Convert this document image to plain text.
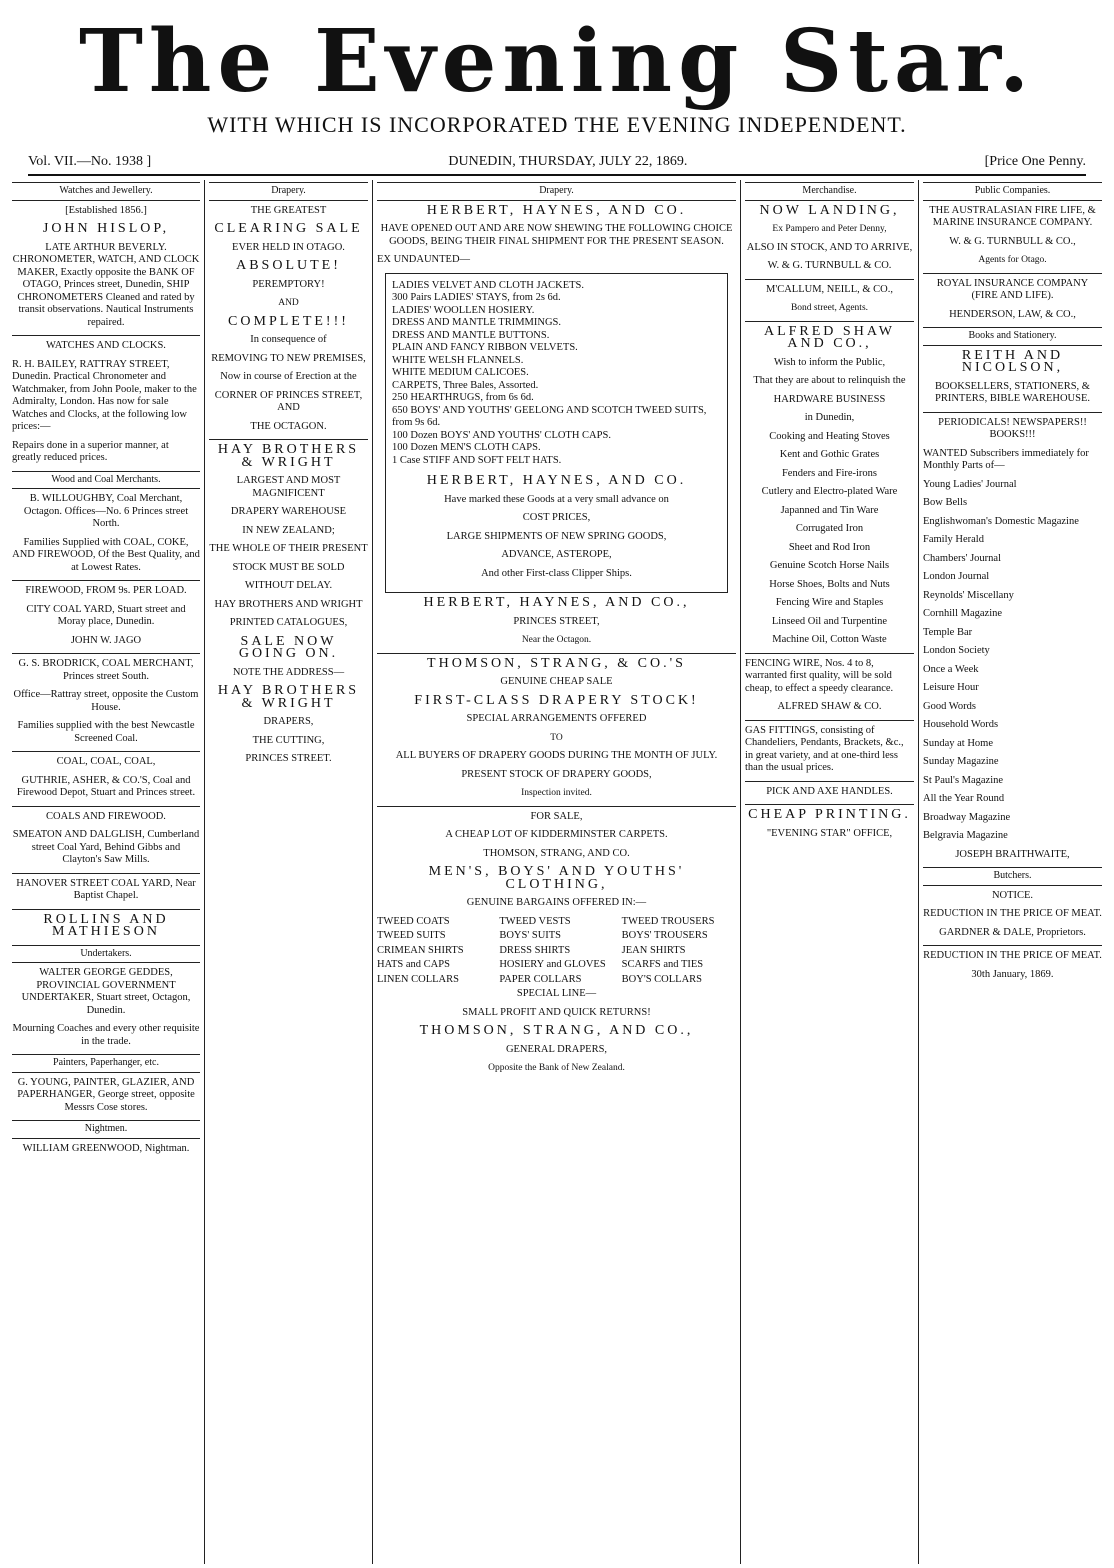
The Evening Star.
WITH WHICH IS INCORPORATED THE EVENING INDEPENDENT.
Vol. VII.—No. 1938 ]	DUNEDIN, THURSDAY, JULY 22, 1869.	[Price One Penny.
Watches and Jewellery.
[Established 1856.]
JOHN HISLOP,
LATE ARTHUR BEVERLY. CHRONOMETER, WATCH, AND CLOCK MAKER, Exactly opposite the BANK OF OTAGO, Princes street, Dunedin, SHIP CHRONOMETERS Cleaned and rated by transit observations. Nautical Instruments repaired.
WATCHES AND CLOCKS.
R. H. BAILEY, RATTRAY STREET, Dunedin. Practical Chronometer and Watchmaker, from John Poole, maker to the Admiralty, London. Has now for sale Watches and Clocks, at the following low prices:—
Repairs done in a superior manner, at greatly reduced prices.
Wood and Coal Merchants.
B. WILLOUGHBY, Coal Merchant, Octagon. Offices—No. 6 Princes street North.
Families Supplied with COAL, COKE, AND FIREWOOD, Of the Best Quality, and at Lowest Rates.
FIREWOOD, FROM 9s. PER LOAD.
CITY COAL YARD, Stuart street and Moray place, Dunedin.
JOHN W. JAGO
G. S. BRODRICK, COAL MERCHANT, Princes street South.
Office—Rattray street, opposite the Custom House.
Families supplied with the best Newcastle Screened Coal.
COAL, COAL, COAL,
GUTHRIE, ASHER, & CO.'S, Coal and Firewood Depot, Stuart and Princes street.
COALS AND FIREWOOD.
SMEATON AND DALGLISH, Cumberland street Coal Yard, Behind Gibbs and Clayton's Saw Mills.
HANOVER STREET COAL YARD, Near Baptist Chapel.
ROLLINS AND MATHIESON
Undertakers.
WALTER GEORGE GEDDES, PROVINCIAL GOVERNMENT UNDERTAKER, Stuart street, Octagon, Dunedin.
Mourning Coaches and every other requisite in the trade.
Painters, Paperhanger, etc.
G. YOUNG, PAINTER, GLAZIER, AND PAPERHANGER, George street, opposite Messrs Cose stores.
Nightmen.
WILLIAM GREENWOOD, Nightman.
Drapery.
THE GREATEST
CLEARING SALE
EVER HELD IN OTAGO.
ABSOLUTE!
PEREMPTORY!
AND
COMPLETE!!!
In consequence of
REMOVING TO NEW PREMISES,
Now in course of Erection at the
CORNER OF PRINCES STREET, AND
THE OCTAGON.
HAY BROTHERS & WRIGHT
LARGEST AND MOST MAGNIFICENT
DRAPERY WAREHOUSE
IN NEW ZEALAND;
THE WHOLE OF THEIR PRESENT
STOCK MUST BE SOLD
WITHOUT DELAY.
HAY BROTHERS AND WRIGHT
PRINTED CATALOGUES,
SALE NOW GOING ON.
NOTE THE ADDRESS—
HAY BROTHERS & WRIGHT
DRAPERS,
THE CUTTING,
PRINCES STREET.
Drapery.
HERBERT, HAYNES, AND CO.
HAVE OPENED OUT AND ARE NOW SHEWING THE FOLLOWING CHOICE GOODS, BEING THEIR FINAL SHIPMENT FOR THE PRESENT SEASON.
EX UNDAUNTED—
LADIES VELVET AND CLOTH JACKETS.
300 Pairs LADIES' STAYS, from 2s 6d.
LADIES' WOOLLEN HOSIERY.
DRESS AND MANTLE TRIMMINGS.
DRESS AND MANTLE BUTTONS.
PLAIN AND FANCY RIBBON VELVETS.
WHITE WELSH FLANNELS.
WHITE MEDIUM CALICOES.
CARPETS, Three Bales, Assorted.
250 HEARTHRUGS, from 6s 6d.
650 BOYS' AND YOUTHS' GEELONG AND SCOTCH TWEED SUITS, from 9s 6d.
100 Dozen BOYS' AND YOUTHS' CLOTH CAPS.
100 Dozen MEN'S CLOTH CAPS.
1 Case STIFF AND SOFT FELT HATS.
HERBERT, HAYNES, AND CO.
Have marked these Goods at a very small advance on
COST PRICES,
LARGE SHIPMENTS OF NEW SPRING GOODS,
ADVANCE, ASTEROPE,
And other First-class Clipper Ships.
HERBERT, HAYNES, AND CO.,
PRINCES STREET,
Near the Octagon.
THOMSON, STRANG, & CO.'S
GENUINE CHEAP SALE
FIRST-CLASS DRAPERY STOCK!
SPECIAL ARRANGEMENTS OFFERED
TO
ALL BUYERS OF DRAPERY GOODS DURING THE MONTH OF JULY.
PRESENT STOCK OF DRAPERY GOODS,
Inspection invited.
FOR SALE,
A CHEAP LOT OF KIDDERMINSTER CARPETS.
THOMSON, STRANG, AND CO.
MEN'S, BOYS' AND YOUTHS' CLOTHING,
GENUINE BARGAINS OFFERED IN:—
TWEED COATS	TWEED VESTS	TWEED TROUSERS
TWEED SUITS	BOYS' SUITS	BOYS' TROUSERS
CRIMEAN SHIRTS	DRESS SHIRTS	JEAN SHIRTS
HATS and CAPS	HOSIERY and GLOVES	SCARFS and TIES
LINEN COLLARS	PAPER COLLARS	BOY'S COLLARS
SPECIAL LINE—
SMALL PROFIT AND QUICK RETURNS!
THOMSON, STRANG, AND CO.,
GENERAL DRAPERS,
Opposite the Bank of New Zealand.
Merchandise.
NOW LANDING,
Ex Pampero and Peter Denny,
ALSO IN STOCK, AND TO ARRIVE,
W. & G. TURNBULL & CO.
M'CALLUM, NEILL, & CO.,
Bond street, Agents.
ALFRED SHAW AND CO.,
Wish to inform the Public,
That they are about to relinquish the
HARDWARE BUSINESS
in Dunedin,
Cooking and Heating Stoves
Kent and Gothic Grates
Fenders and Fire-irons
Cutlery and Electro-plated Ware
Japanned and Tin Ware
Corrugated Iron
Sheet and Rod Iron
Genuine Scotch Horse Nails
Horse Shoes, Bolts and Nuts
Fencing Wire and Staples
Linseed Oil and Turpentine
Machine Oil, Cotton Waste
FENCING WIRE, Nos. 4 to 8, warranted first quality, will be sold cheap, to effect a speedy clearance.
ALFRED SHAW & CO.
GAS FITTINGS, consisting of Chandeliers, Pendants, Brackets, &c., in great variety, and at one-third less than the usual prices.
PICK AND AXE HANDLES.
CHEAP PRINTING.
"EVENING STAR" OFFICE,
Public Companies.
THE AUSTRALASIAN FIRE LIFE, & MARINE INSURANCE COMPANY.
W. & G. TURNBULL & CO.,
Agents for Otago.
ROYAL INSURANCE COMPANY (FIRE AND LIFE).
HENDERSON, LAW, & CO.,
Books and Stationery.
REITH AND NICOLSON,
BOOKSELLERS, STATIONERS, & PRINTERS, BIBLE WAREHOUSE.
PERIODICALS! NEWSPAPERS!! BOOKS!!!
WANTED Subscribers immediately for Monthly Parts of—
Young Ladies' Journal
Bow Bells
Englishwoman's Domestic Magazine
Family Herald
Chambers' Journal
London Journal
Reynolds' Miscellany
Cornhill Magazine
Temple Bar
London Society
Once a Week
Leisure Hour
Good Words
Household Words
Sunday at Home
Sunday Magazine
St Paul's Magazine
All the Year Round
Broadway Magazine
Belgravia Magazine
JOSEPH BRAITHWAITE,
Butchers.
NOTICE.
REDUCTION IN THE PRICE OF MEAT.
GARDNER & DALE, Proprietors.
REDUCTION IN THE PRICE OF MEAT.
30th January, 1869.
